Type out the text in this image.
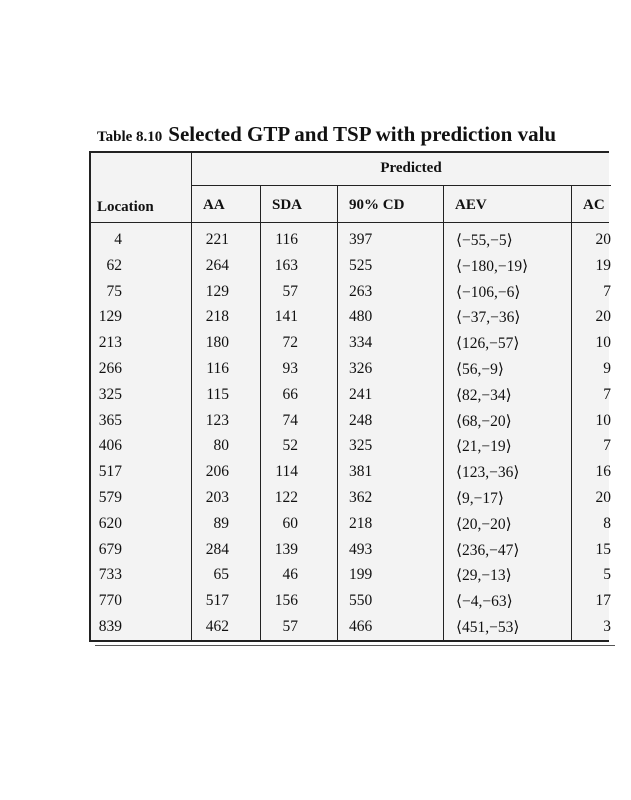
Table 8.10 Selected GTP and TSP with prediction valu
Predicted
Location	AA	SDA	90% CD	AEV	AC
4	221	116	397	⟨−55,−5⟩	20
62	264	163	525	⟨−180,−19⟩	19
75	129	57	263	⟨−106,−6⟩	7
129	218	141	480	⟨−37,−36⟩	20
213	180	72	334	⟨126,−57⟩	10
266	116	93	326	⟨56,−9⟩	9
325	115	66	241	⟨82,−34⟩	7
365	123	74	248	⟨68,−20⟩	10
406	80	52	325	⟨21,−19⟩	7
517	206	114	381	⟨123,−36⟩	16
579	203	122	362	⟨9,−17⟩	20
620	89	60	218	⟨20,−20⟩	8
679	284	139	493	⟨236,−47⟩	15
733	65	46	199	⟨29,−13⟩	5
770	517	156	550	⟨−4,−63⟩	17
839	462	57	466	⟨451,−53⟩	3
